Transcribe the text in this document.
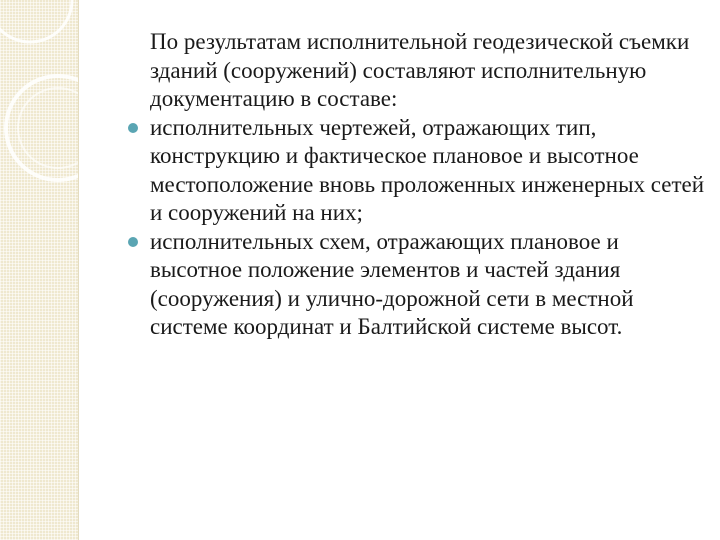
По результатам исполнительной геодезической съемки зданий (сооружений) составляют исполнительную документацию в составе:

исполнительных чертежей, отражающих тип, конструкцию и фактическое плановое и высотное местоположение вновь проложенных инженерных сетей и сооружений на них;
исполнительных схем, отражающих плановое и высотное положение элементов и частей здания (сооружения) и улично-дорожной сети в местной системе координат и Балтийской системе высот.
